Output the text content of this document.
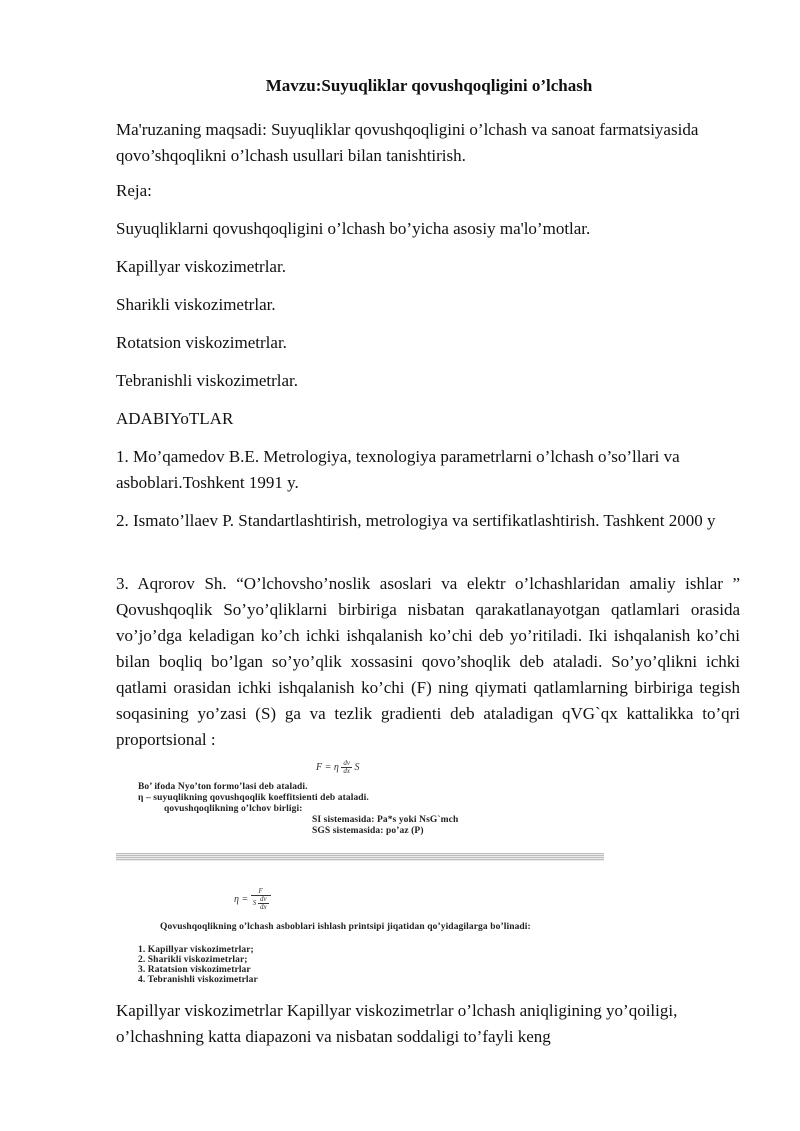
Mavzu:Suyuqliklar qovushqoqligini o’lchash

Ma'ruzaning maqsadi: Suyuqliklar qovushqoqligini o’lchash va sanoat farmatsiyasida qovo’shqoqlikni o’lchash usullari bilan tanishtirish.

Reja:

Suyuqliklarni qovushqoqligini o’lchash bo’yicha asosiy ma'lo’motlar.

Kapillyar viskozimetrlar.

Sharikli viskozimetrlar.

Rotatsion viskozimetrlar.

Tebranishli viskozimetrlar.

ADABIYoTLAR

1. Mo’qamedov B.E. Metrologiya, texnologiya parametrlarni o’lchash o’so’llari va asboblari.Toshkent 1991 y.

2. Ismato’llaev P. Standartlashtirish, metrologiya va sertifikatlashtirish. Tashkent 2000 y

3. Aqrorov Sh. “O’lchovsho’noslik asoslari va elektr o’lchashlaridan amaliy ishlar ” Qovushqoqlik So’yo’qliklarni birbiriga nisbatan qarakatlanayotgan qatlamlari orasida vo’jo’dga keladigan ko’ch ichki ishqalanish ko’chi deb yo’ritiladi. Iki ishqalanish ko’chi bilan boqliq bo’lgan so’yo’qlik xossasini qovo’shoqlik deb ataladi. So’yo’qlikni ichki qatlami orasidan ichki ishqalanish ko’chi (F) ning qiymati qatlamlarning birbiriga tegish soqasining yo’zasi (S) ga va tezlik gradienti deb ataladigan qVG`qx kattalikka to’qri proportsional :

F = η $\frac{dv}{dx}$ S
Bo’ ifoda Nyo’ton formo’lasi deb ataladi.
η – suyuqlikning qovushqoqlik koeffitsienti deb ataladi.
qovushqoqlikning o’lchov birligi:
SI sistemasida: Pa*s yoki NsG`mch
SGS sistemasida: po’az (P)
$\eta = \frac{F}{S \frac{dv}{dx}}$
Qovushqoqlikning o’lchash asboblari ishlash printsipi jiqatidan qo’yidagilarga bo’linadi:
1. Kapillyar viskozimetrlar;
2. Sharikli viskozimetrlar;
3. Ratatsion viskozimetrlar
4. Tebranishli viskozimetrlar

Kapillyar viskozimetrlar Kapillyar viskozimetrlar o’lchash aniqligining yo’qoiligi, o’lchashning katta diapazoni va nisbatan soddaligi to’fayli keng
